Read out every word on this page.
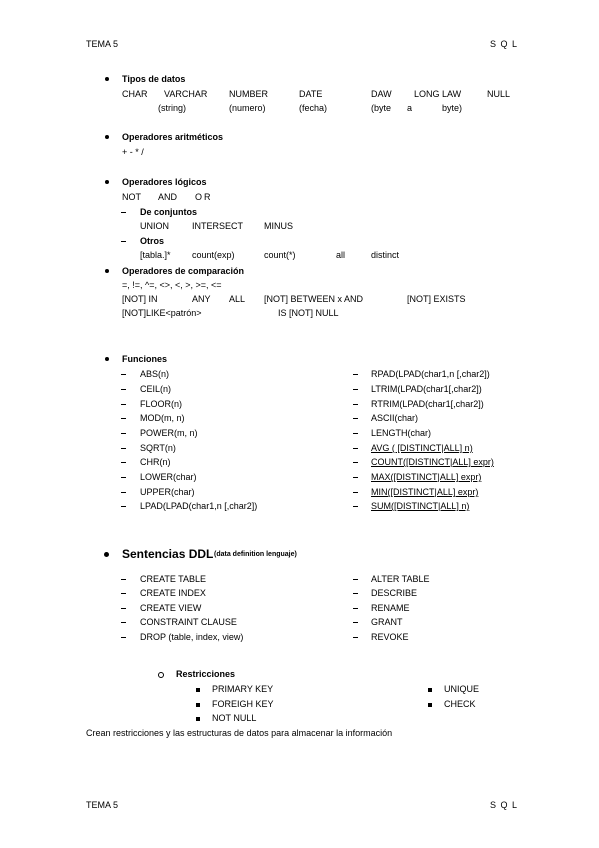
TEMA 5	S Q L
Tipos de datos
CHAR VARCHAR NUMBER	DATE	DAW LONG LAW	NULL
(string)	(numero)	(fecha)	(byte a	byte)
Operadores aritméticos
+ - * /
Operadores lógicos
NOT AND OR
De conjuntos
UNION	INTERSECT MINUS
Otros
[tabla.]* count(exp)	count(*)	all	distinct
Operadores de comparación
=, !=, ^=, <>, <, >, >=, <=
[NOT] IN	ANY ALL [NOT] BETWEEN x AND	[NOT] EXISTS
[NOT]LIKE<patrón>	IS [NOT] NULL
Funciones
ABS(n)
CEIL(n)
FLOOR(n)
MOD(m, n)
POWER(m, n)
SQRT(n)
CHR(n)
LOWER(char)
UPPER(char)
LPAD(LPAD(char1,n [,char2])
RPAD(LPAD(char1,n [,char2])
LTRIM(LPAD(char1[,char2])
RTRIM(LPAD(char1[,char2])
ASCII(char)
LENGTH(char)
AVG ( [DISTINCT|ALL] n)
COUNT([DISTINCT|ALL] expr)
MAX([DISTINCT|ALL] expr)
MIN([DISTINCT|ALL] expr)
SUM([DISTINCT|ALL] n)
Sentencias DDL (data definition lenguaje)
CREATE TABLE
CREATE INDEX
CREATE VIEW
CONSTRAINT CLAUSE
DROP (table, index, view)
ALTER TABLE
DESCRIBE
RENAME
GRANT
REVOKE
Restricciones
PRIMARY KEY
FOREIGH KEY
NOT NULL
UNIQUE
CHECK
Crean restricciones y las estructuras de datos para almacenar la información
TEMA 5	S Q L
